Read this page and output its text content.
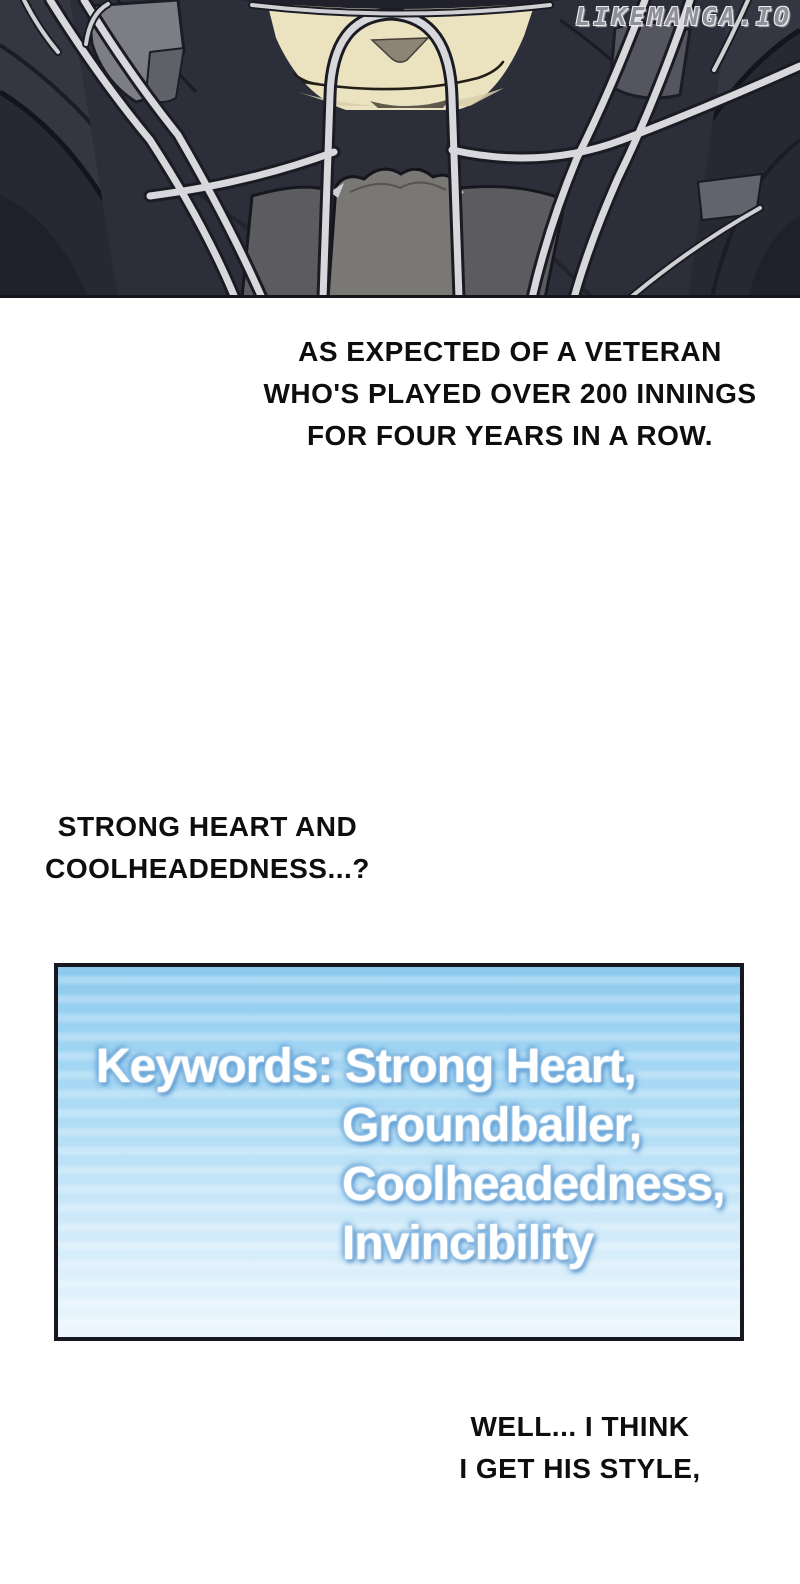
LIKEMANGA.IO
AS EXPECTED OF A VETERAN
WHO'S PLAYED OVER 200 INNINGS
FOR FOUR YEARS IN A ROW.
STRONG HEART AND
COOLHEADEDNESS...?
Keywords: Strong Heart,
Groundballer,
Coolheadedness,
Invincibility
WELL... I THINK
I GET HIS STYLE,
